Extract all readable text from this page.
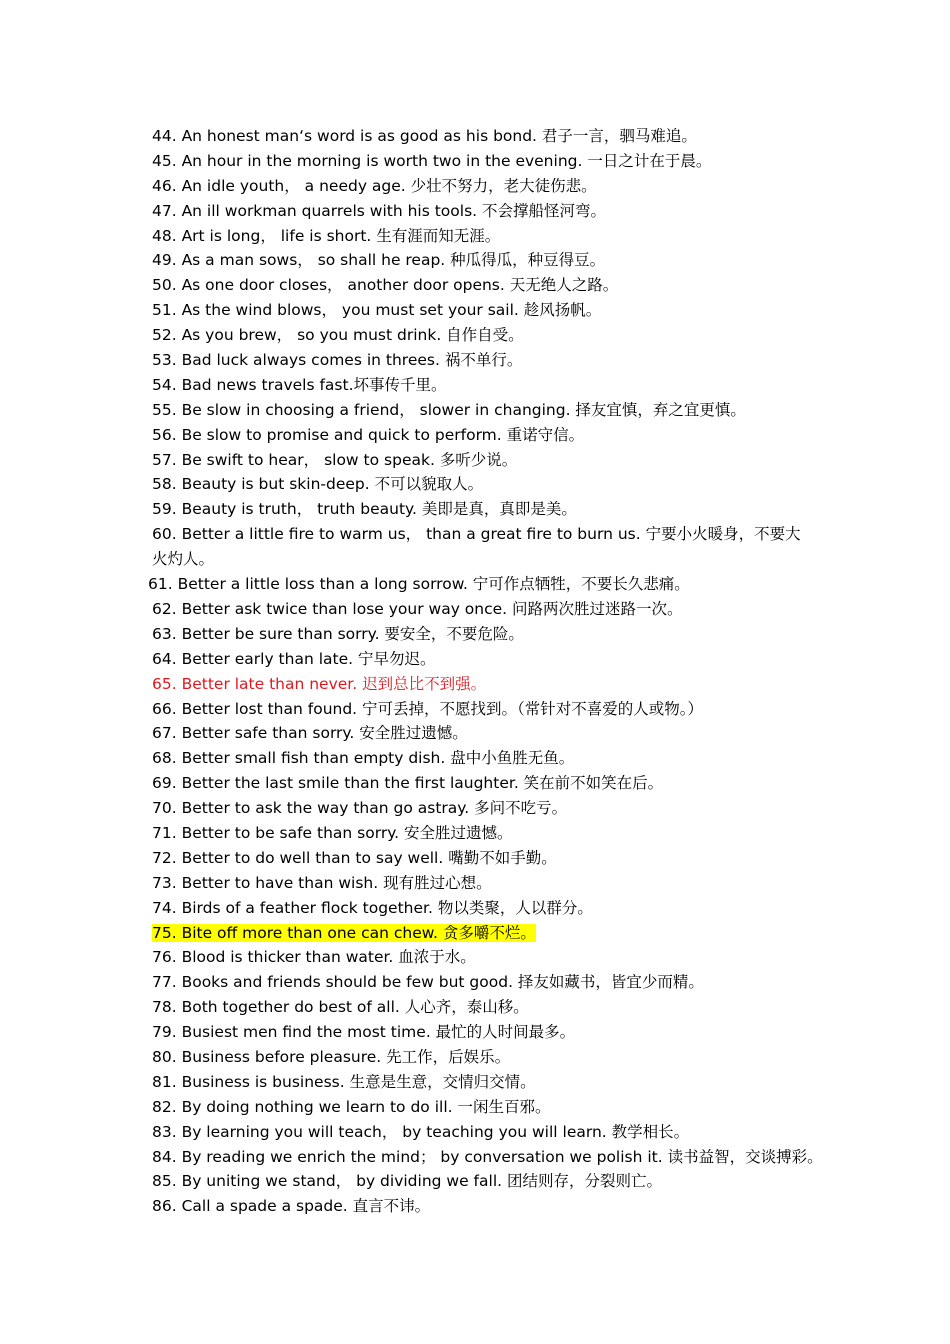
44. An honest man‘s word is as good as his bond. 君子一言，驷马难追。
45. An hour in the morning is worth two in the evening. 一日之计在于晨。
46. An idle youth， a needy age. 少壮不努力，老大徒伤悲。
47. An ill workman quarrels with his tools. 不会撑船怪河弯。
48. Art is long， life is short. 生有涯而知无涯。
49. As a man sows， so shall he reap. 种瓜得瓜，种豆得豆。
50. As one door closes， another door opens. 天无绝人之路。
51. As the wind blows， you must set your sail. 趁风扬帆。
52. As you brew， so you must drink. 自作自受。
53. Bad luck always comes in threes. 祸不单行。
54. Bad news travels fast.坏事传千里。
55. Be slow in choosing a friend， slower in changing. 择友宜慎，弃之宜更慎。
56. Be slow to promise and quick to perform. 重诺守信。
57. Be swift to hear， slow to speak. 多听少说。
58. Beauty is but skin-deep. 不可以貌取人。
59. Beauty is truth， truth beauty. 美即是真，真即是美。
60. Better a little fire to warm us， than a great fire to burn us. 宁要小火暖身，不要大火灼人。
61. Better a little loss than a long sorrow. 宁可作点牺牲，不要长久悲痛。
62. Better ask twice than lose your way once. 问路两次胜过迷路一次。
63. Better be sure than sorry. 要安全，不要危险。
64. Better early than late. 宁早勿迟。
65. Better late than never. 迟到总比不到强。
66. Better lost than found. 宁可丢掉，不愿找到。（常针对不喜爱的人或物。）
67. Better safe than sorry. 安全胜过遗憾。
68. Better small fish than empty dish. 盘中小鱼胜无鱼。
69. Better the last smile than the first laughter. 笑在前不如笑在后。
70. Better to ask the way than go astray. 多问不吃亏。
71. Better to be safe than sorry. 安全胜过遗憾。
72. Better to do well than to say well. 嘴勤不如手勤。
73. Better to have than wish. 现有胜过心想。
74. Birds of a feather flock together. 物以类聚，人以群分。
75. Bite off more than one can chew. 贪多嚼不烂。
76. Blood is thicker than water. 血浓于水。
77. Books and friends should be few but good. 择友如藏书，皆宜少而精。
78. Both together do best of all. 人心齐，泰山移。
79. Busiest men find the most time. 最忙的人时间最多。
80. Business before pleasure. 先工作，后娱乐。
81. Business is business. 生意是生意，交情归交情。
82. By doing nothing we learn to do ill. 一闲生百邪。
83. By learning you will teach， by teaching you will learn. 教学相长。
84. By reading we enrich the mind； by conversation we polish it. 读书益智，交谈搏彩。
85. By uniting we stand， by dividing we fall. 团结则存，分裂则亡。
86. Call a spade a spade. 直言不讳。
